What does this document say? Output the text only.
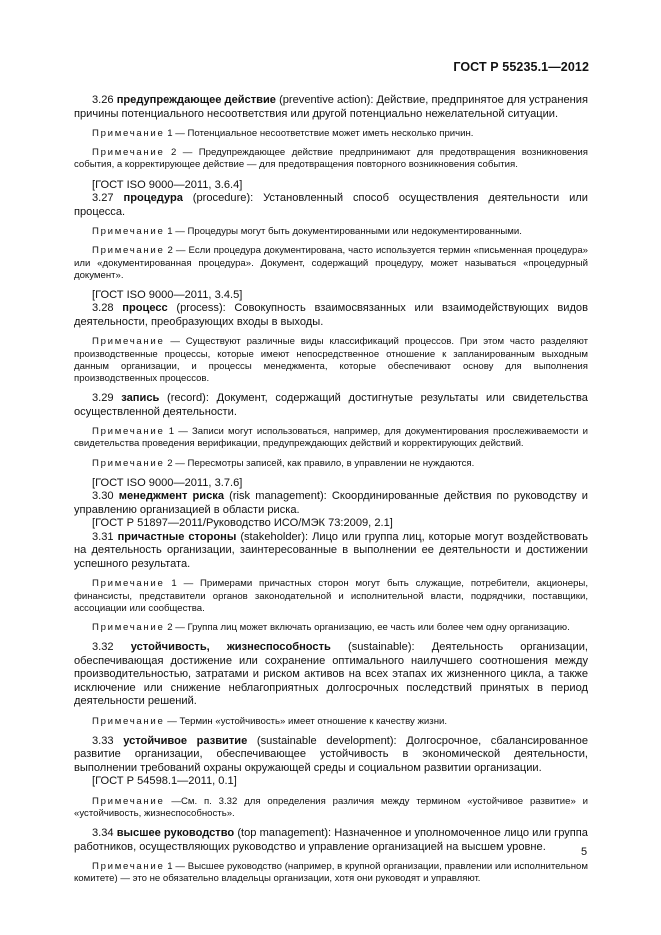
ГОСТ Р 55235.1—2012

3.26 предупреждающее действие (preventive action): Действие, предпринятое для устранения причины потенциального несоответствия или другой потенциально нежелательной ситуации.

Примечание 1 — Потенциальное несоответствие может иметь несколько причин.

Примечание 2 — Предупреждающее действие предпринимают для предотвращения возникновения события, а корректирующее действие — для предотвращения повторного возникновения события.

[ГОСТ ISO 9000—2011, 3.6.4]

3.27 процедура (procedure): Установленный способ осуществления деятельности или процесса.

Примечание 1 — Процедуры могут быть документированными или недокументированными.

Примечание 2 — Если процедура документирована, часто используется термин «письменная процедура» или «документированная процедура». Документ, содержащий процедуру, может называться «процедурный документ».

[ГОСТ ISO 9000—2011, 3.4.5]

3.28 процесс (process): Совокупность взаимосвязанных или взаимодействующих видов деятельности, преобразующих входы в выходы.

Примечание — Существуют различные виды классификаций процессов. При этом часто разделяют производственные процессы, которые имеют непосредственное отношение к запланированным выходным данным организации, и процессы менеджмента, которые обеспечивают основу для выполнения производственных процессов.

3.29 запись (record): Документ, содержащий достигнутые результаты или свидетельства осуществленной деятельности.

Примечание 1 — Записи могут использоваться, например, для документирования прослеживаемости и свидетельства проведения верификации, предупреждающих действий и корректирующих действий.

Примечание 2 — Пересмотры записей, как правило, в управлении не нуждаются.

[ГОСТ ISO 9000—2011, 3.7.6]

3.30 менеджмент риска (risk management): Скоординированные действия по руководству и управлению организацией в области риска.

[ГОСТ Р 51897—2011/Руководство ИСО/МЭК 73:2009, 2.1]

3.31 причастные стороны (stakeholder): Лицо или группа лиц, которые могут воздействовать на деятельность организации, заинтересованные в выполнении ее деятельности и достижении успешного результата.

Примечание 1 — Примерами причастных сторон могут быть служащие, потребители, акционеры, финансисты, представители органов законодательной и исполнительной власти, подрядчики, поставщики, ассоциации или сообщества.

Примечание 2 — Группа лиц может включать организацию, ее часть или более чем одну организацию.

3.32 устойчивость, жизнеспособность (sustainable): Деятельность организации, обеспечивающая достижение или сохранение оптимального наилучшего соотношения между производительностью, затратами и риском активов на всех этапах их жизненного цикла, а также исключение или снижение неблагоприятных долгосрочных последствий принятых в период деятельности решений.

Примечание — Термин «устойчивость» имеет отношение к качеству жизни.

3.33 устойчивое развитие (sustainable development): Долгосрочное, сбалансированное развитие организации, обеспечивающее устойчивость в экономической деятельности, выполнении требований охраны окружающей среды и социальном развитии организации.

[ГОСТ Р 54598.1—2011, 0.1]

Примечание —См. п. 3.32 для определения различия между термином «устойчивое развитие» и «устойчивость, жизнеспособность».

3.34 высшее руководство (top management): Назначенное и уполномоченное лицо или группа работников, осуществляющих руководство и управление организацией на высшем уровне.

Примечание 1 — Высшее руководство (например, в крупной организации, правлении или исполнительном комитете) — это не обязательно владельцы организации, хотя они руководят и управляют.

5
